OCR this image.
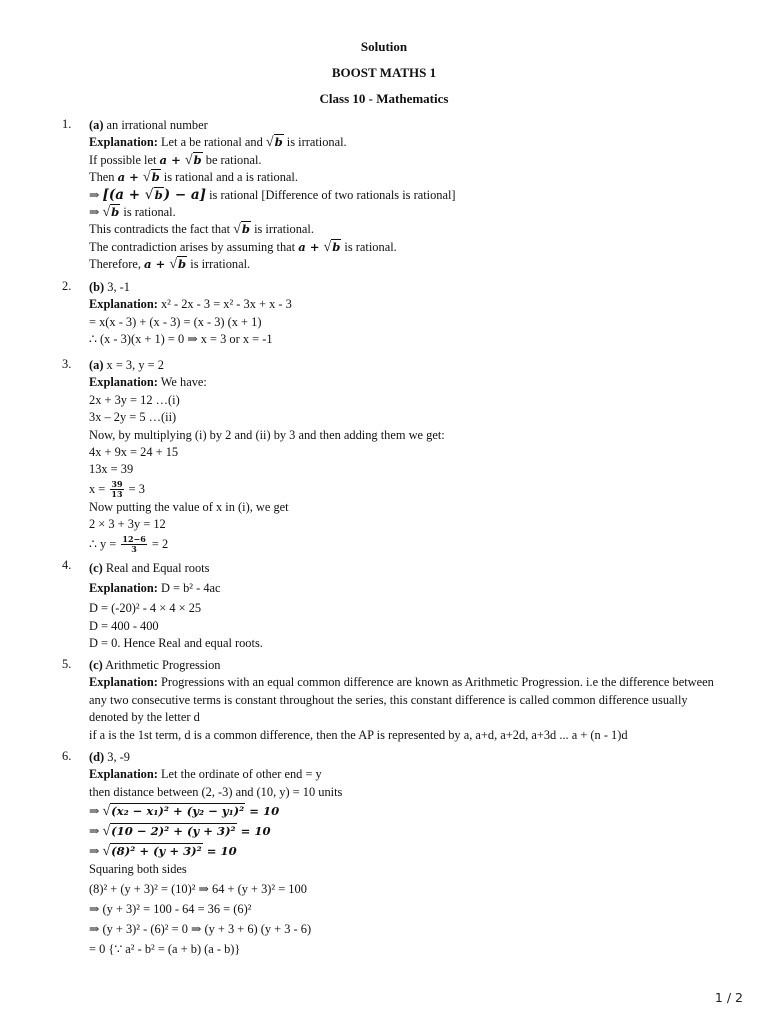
Solution
BOOST MATHS 1
Class 10 - Mathematics
1. (a) an irrational number
Explanation: Let a be rational and √b is irrational.
If possible let a + √b be rational.
Then a + √b is rational and a is rational.
⇒ [(a + √b) − a] is rational [Difference of two rationals is rational]
⇒ √b is rational.
This contradicts the fact that √b is irrational.
The contradiction arises by assuming that a + √b is rational.
Therefore, a + √b is irrational.
2. (b) 3, -1
Explanation: x² - 2x - 3 = x² - 3x + x - 3
= x(x - 3) + (x - 3) = (x - 3) (x + 1)
∴ (x - 3)(x + 1) = 0 ⇒ x = 3 or x = -1
3. (a) x = 3, y = 2
Explanation: We have:
2x + 3y = 12 …(i)
3x – 2y = 5 …(ii)
Now, by multiplying (i) by 2 and (ii) by 3 and then adding them we get:
4x + 9x = 24 + 15
13x = 39
$x = \frac{39}{13} = 3$
Now putting the value of x in (i), we get
2 × 3 + 3y = 12
∴ $y = \frac{12-6}{3} = 2$
4. (c) Real and Equal roots
Explanation: D = b² - 4ac
D = (-20)² - 4 × 4 × 25
D = 400 - 400
D = 0. Hence Real and equal roots.
5. (c) Arithmetic Progression
Explanation: Progressions with an equal common difference are known as Arithmetic Progression. i.e the difference between any two consecutive terms is constant throughout the series, this constant difference is called common difference usually denoted by the letter d
if a is the 1st term, d is a common difference, then the AP is represented by a, a+d, a+2d, a+3d ... a + (n - 1)d
6. (d) 3, -9
Explanation: Let the ordinate of other end = y
then distance between (2, -3) and (10, y) = 10 units
⇒ √(x₂ − x₁)² + (y₂ − y₁)² = 10
⇒ √(10 − 2)² + (y + 3)² = 10
⇒ √(8)² + (y + 3)² = 10
Squaring both sides
(8)² + (y + 3)² = (10)² ⇒ 64 + (y + 3)² = 100
⇒ (y + 3)² = 100 - 64 = 36 = (6)²
⇒ (y + 3)² - (6)² = 0 ⇒ (y + 3 + 6) (y + 3 - 6)
= 0 {∵ a² - b² = (a + b) (a - b)}
1 / 2
